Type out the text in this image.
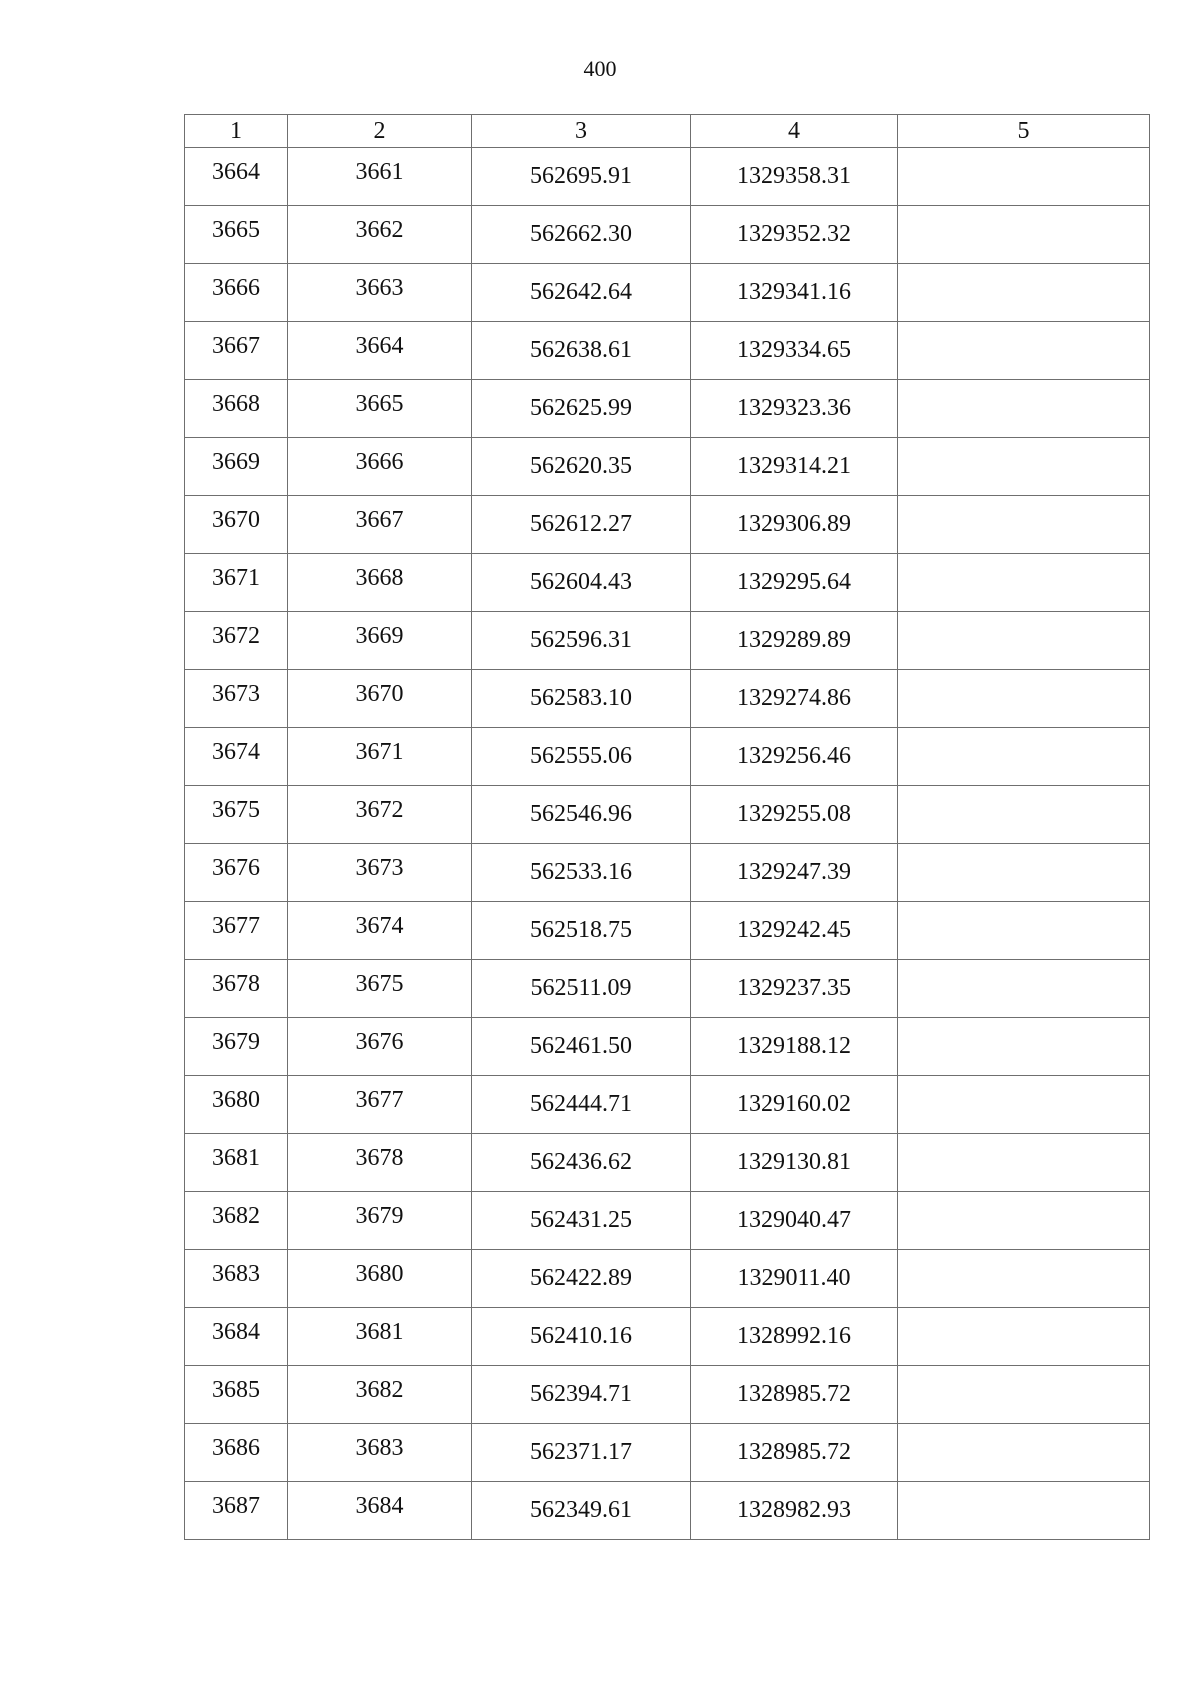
400
1	2	3	4	5
3664	3661	562695.91	1329358.31	
3665	3662	562662.30	1329352.32	
3666	3663	562642.64	1329341.16	
3667	3664	562638.61	1329334.65	
3668	3665	562625.99	1329323.36	
3669	3666	562620.35	1329314.21	
3670	3667	562612.27	1329306.89	
3671	3668	562604.43	1329295.64	
3672	3669	562596.31	1329289.89	
3673	3670	562583.10	1329274.86	
3674	3671	562555.06	1329256.46	
3675	3672	562546.96	1329255.08	
3676	3673	562533.16	1329247.39	
3677	3674	562518.75	1329242.45	
3678	3675	562511.09	1329237.35	
3679	3676	562461.50	1329188.12	
3680	3677	562444.71	1329160.02	
3681	3678	562436.62	1329130.81	
3682	3679	562431.25	1329040.47	
3683	3680	562422.89	1329011.40	
3684	3681	562410.16	1328992.16	
3685	3682	562394.71	1328985.72	
3686	3683	562371.17	1328985.72	
3687	3684	562349.61	1328982.93	
